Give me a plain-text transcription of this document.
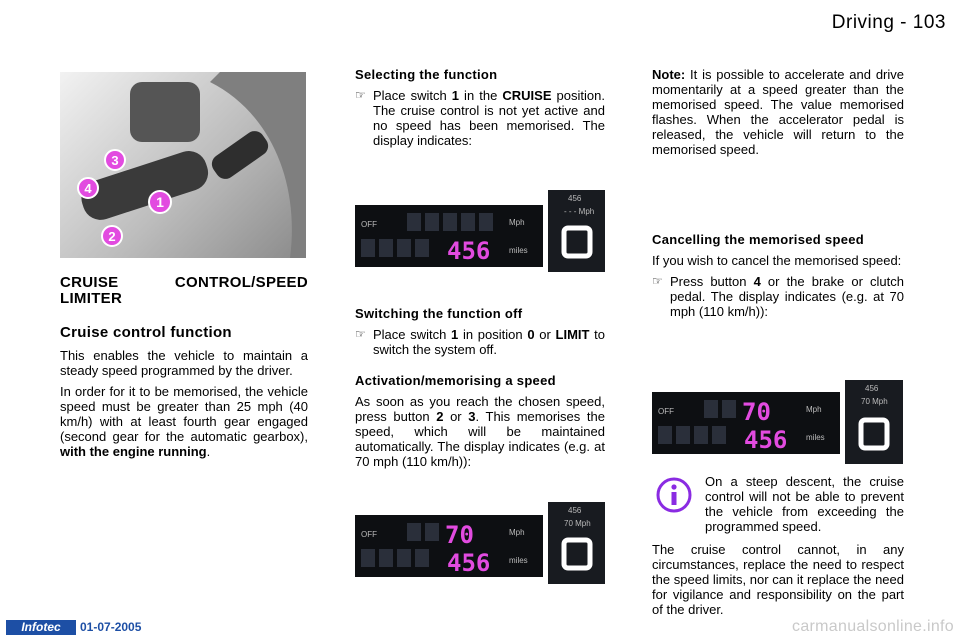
Driving - 103
3
4
1
2
CRUISE CONTROL/SPEED LIMITER
Cruise control function

This enables the vehicle to maintain a steady speed programmed by the driver.

In order for it to be memorised, the vehicle speed must be greater than 25 mph (40 km/h) with at least fourth gear engaged (second gear for the automatic gearbox), with the engine running.

Selecting the function
☞ Place switch 1 in the CRUISE position. The cruise control is not yet active and no speed has been memorised. The display indicates:
Switching the function off
☞ Place switch 1 in position 0 or LIMIT to switch the system off.
Activation/memorising a speed

As soon as you reach the chosen speed, press button 2 or 3. This memorises the speed, which will be maintained automatically. The display indicates (e.g. at 70 mph (110 km/h)):

Note: It is possible to accelerate and drive momentarily at a speed greater than the memorised speed. The value memorised flashes. When the accelerator pedal is released, the vehicle will return to the memorised speed.

Cancelling the memorised speed

If you wish to cancel the memorised speed:

☞ Press button 4 or the brake or clutch pedal. The display indicates (e.g. at 70 mph (110 km/h)):

On a steep descent, the cruise control will not be able to prevent the vehicle from exceeding the programmed speed.

The cruise control cannot, in any circumstances, replace the need to respect the speed limits, nor can it replace the need for vigilance and responsibility on the part of the driver.

OFF
456
Mph
miles
456
- - - Mph
OFF	70
456
Mph
miles
456
70 Mph
OFF	70
456
Mph
miles
456
70 Mph
Infotec	01-07-2005	carmanualsonline.info
